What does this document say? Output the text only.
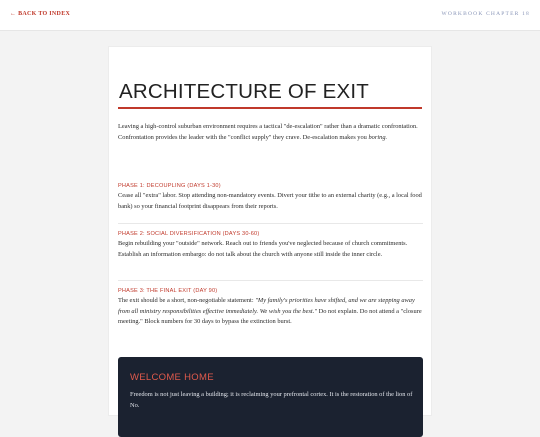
← BACK TO INDEX	WORKBOOK CHAPTER 18
ARCHITECTURE OF EXIT
Leaving a high-control suburban environment requires a tactical "de-escalation" rather than a dramatic confrontation. Confrontation provides the leader with the "conflict supply" they crave. De-escalation makes you boring.
PHASE 1: DECOUPLING (DAYS 1-30)
Cease all "extra" labor. Stop attending non-mandatory events. Divert your tithe to an external charity (e.g., a local food bank) so your financial footprint disappears from their reports.
PHASE 2: SOCIAL DIVERSIFICATION (DAYS 30-60)
Begin rebuilding your "outside" network. Reach out to friends you've neglected because of church commitments. Establish an information embargo: do not talk about the church with anyone still inside the inner circle.
PHASE 3: THE FINAL EXIT (DAY 90)
The exit should be a short, non-negotiable statement: "My family's priorities have shifted, and we are stepping away from all ministry responsibilities effective immediately. We wish you the best." Do not explain. Do not attend a "closure meeting." Block numbers for 30 days to bypass the extinction burst.
WELCOME HOME
Freedom is not just leaving a building; it is reclaiming your prefrontal cortex. It is the restoration of the lion of No.
